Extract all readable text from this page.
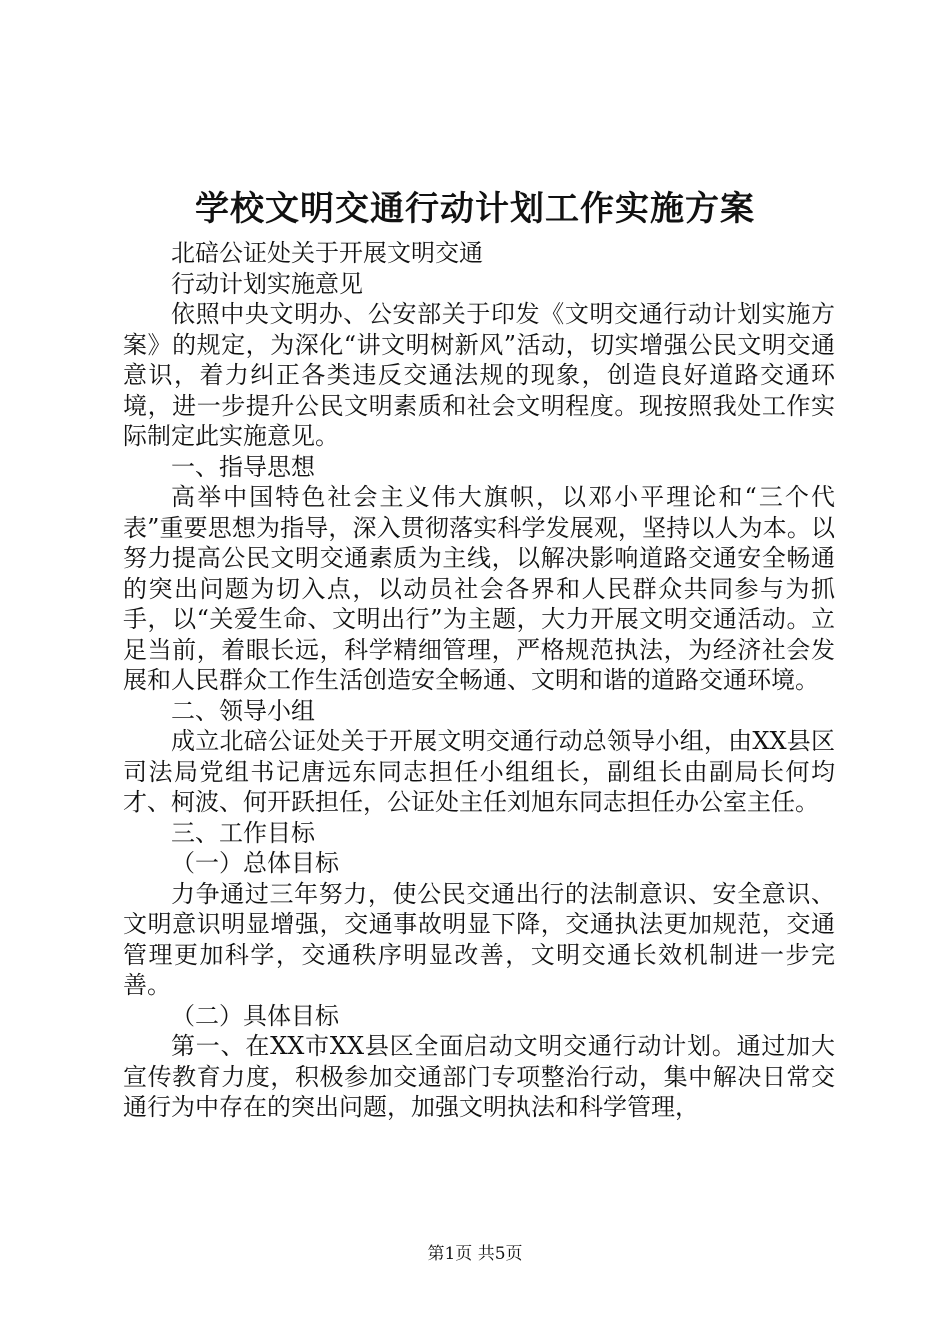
学校文明交通行动计划工作实施方案

北碚公证处关于开展文明交通

行动计划实施意见

依照中央文明办、公安部关于印发《文明交通行动计划实施方案》的规定，为深化“讲文明树新风”活动，切实增强公民文明交通意识，着力纠正各类违反交通法规的现象，创造良好道路交通环境，进一步提升公民文明素质和社会文明程度。现按照我处工作实际制定此实施意见。

一、指导思想

高举中国特色社会主义伟大旗帜，以邓小平理论和“三个代表”重要思想为指导，深入贯彻落实科学发展观，坚持以人为本。以努力提高公民文明交通素质为主线，以解决影响道路交通安全畅通的突出问题为切入点，以动员社会各界和人民群众共同参与为抓手，以“关爱生命、文明出行”为主题，大力开展文明交通活动。立足当前，着眼长远，科学精细管理，严格规范执法，为经济社会发展和人民群众工作生活创造安全畅通、文明和谐的道路交通环境。

二、领导小组

成立北碚公证处关于开展文明交通行动总领导小组，由XX县区司法局党组书记唐远东同志担任小组组长，副组长由副局长何均才、柯波、何开跃担任，公证处主任刘旭东同志担任办公室主任。

三、工作目标

（一）总体目标

力争通过三年努力，使公民交通出行的法制意识、安全意识、文明意识明显增强，交通事故明显下降，交通执法更加规范，交通管理更加科学，交通秩序明显改善，文明交通长效机制进一步完善。

（二）具体目标

第一、在XX市XX县区全面启动文明交通行动计划。通过加大宣传教育力度，积极参加交通部门专项整治行动，集中解决日常交通行为中存在的突出问题，加强文明执法和科学管理，

第1页 共5页
